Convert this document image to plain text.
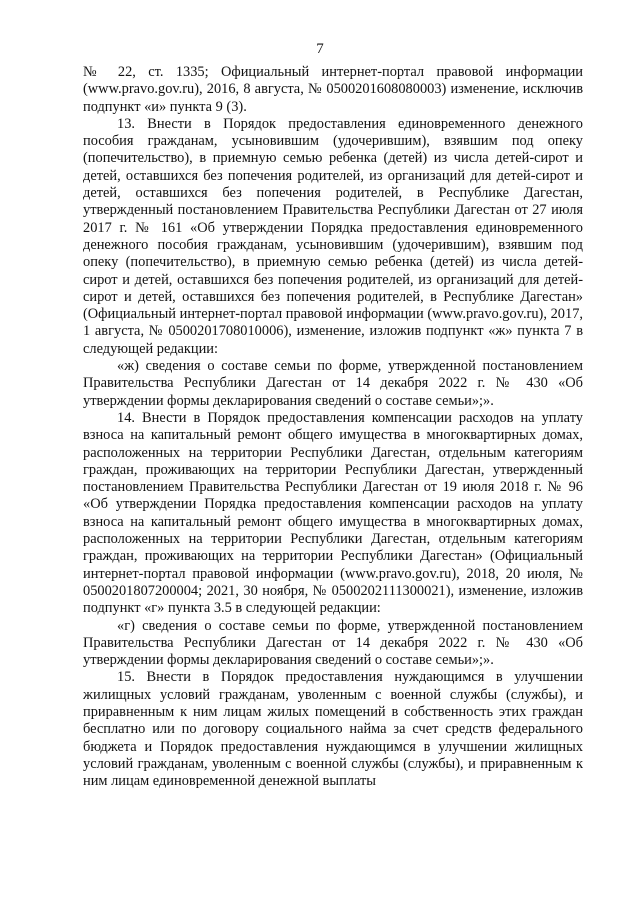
7

№ 22, ст. 1335; Официальный интернет-портал правовой информации (www.pravo.gov.ru), 2016, 8 августа, № 0500201608080003) изменение, исключив подпункт «и» пункта 9 (3).

13. Внести в Порядок предоставления единовременного денежного пособия гражданам, усыновившим (удочерившим), взявшим под опеку (попечительство), в приемную семью ребенка (детей) из числа детей-сирот и детей, оставшихся без попечения родителей, из организаций для детей-сирот и детей, оставшихся без попечения родителей, в Республике Дагестан, утвержденный постановлением Правительства Республики Дагестан от 27 июля 2017 г. № 161 «Об утверждении Порядка предоставления единовременного денежного пособия гражданам, усыновившим (удочерившим), взявшим под опеку (попечительство), в приемную семью ребенка (детей) из числа детей-сирот и детей, оставшихся без попечения родителей, из организаций для детей-сирот и детей, оставшихся без попечения родителей, в Республике Дагестан» (Официальный интернет-портал правовой информации (www.pravo.gov.ru), 2017, 1 августа, № 0500201708010006), изменение, изложив подпункт «ж» пункта 7 в следующей редакции:

«ж) сведения о составе семьи по форме, утвержденной постановлением Правительства Республики Дагестан от 14 декабря 2022 г. № 430 «Об утверждении формы декларирования сведений о составе семьи»;».

14. Внести в Порядок предоставления компенсации расходов на уплату взноса на капитальный ремонт общего имущества в многоквартирных домах, расположенных на территории Республики Дагестан, отдельным категориям граждан, проживающих на территории Республики Дагестан, утвержденный постановлением Правительства Республики Дагестан от 19 июля 2018 г. № 96 «Об утверждении Порядка предоставления компенсации расходов на уплату взноса на капитальный ремонт общего имущества в многоквартирных домах, расположенных на территории Республики Дагестан, отдельным категориям граждан, проживающих на территории Республики Дагестан» (Официальный интернет-портал правовой информации (www.pravo.gov.ru), 2018, 20 июля, № 0500201807200004; 2021, 30 ноября, № 0500202111300021), изменение, изложив подпункт «г» пункта 3.5 в следующей редакции:

«г) сведения о составе семьи по форме, утвержденной постановлением Правительства Республики Дагестан от 14 декабря 2022 г. № 430 «Об утверждении формы декларирования сведений о составе семьи»;».

15. Внести в Порядок предоставления нуждающимся в улучшении жилищных условий гражданам, уволенным с военной службы (службы), и приравненным к ним лицам жилых помещений в собственность этих граждан бесплатно или по договору социального найма за счет средств федерального бюджета и Порядок предоставления нуждающимся в улучшении жилищных условий гражданам, уволенным с военной службы (службы), и приравненным к ним лицам единовременной денежной выплаты
